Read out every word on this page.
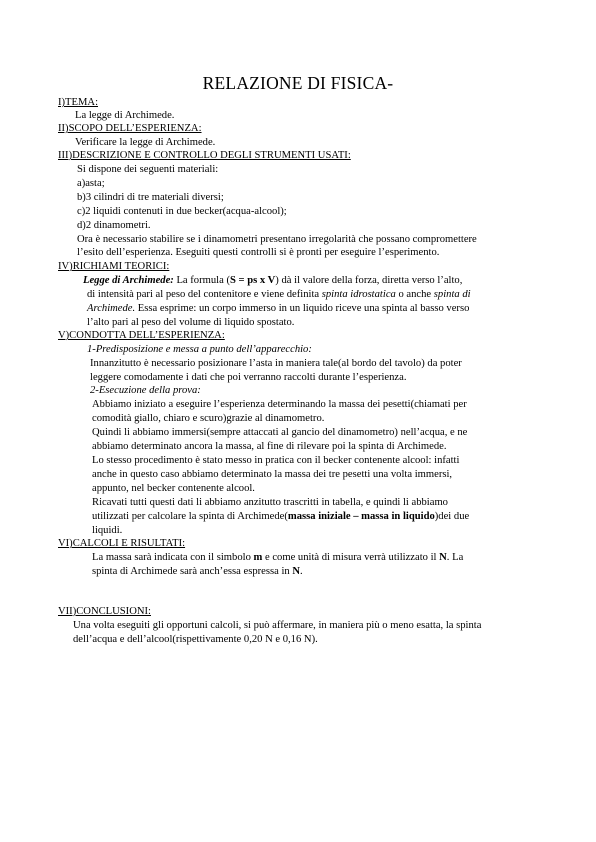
RELAZIONE DI FISICA-
I)TEMA:
La legge di Archimede.
II)SCOPO DELL’ESPERIENZA:
Verificare la legge di Archimede.
III)DESCRIZIONE E CONTROLLO DEGLI STRUMENTI USATI:
Si dispone dei seguenti materiali:
a)asta;
b)3 cilindri di tre materiali diversi;
c)2 liquidi contenuti in due becker(acqua-alcool);
d)2 dinamometri.
Ora è necessario stabilire se i dinamometri presentano irregolarità che possano compromettere
l’esito dell’esperienza. Eseguiti questi controlli si è pronti per eseguire l’esperimento.
IV)RICHIAMI TEORICI:
Legge di Archimede: La formula (S = ps x V) dà il valore della forza, diretta verso l’alto,
di intensità pari al peso del contenitore e viene definita spinta idrostatica o anche spinta di
Archimede. Essa esprime: un corpo immerso in un liquido riceve una spinta al basso verso
l’alto pari al peso del volume di liquido spostato.
V)CONDOTTA DELL’ESPERIENZA:
1-Predisposizione e messa a punto dell’apparecchio:
Innanzitutto è necessario posizionare l’asta in maniera tale(al bordo del tavolo) da poter
leggere comodamente i dati che poi verranno raccolti durante l’esperienza.
2-Esecuzione della prova:
Abbiamo iniziato a eseguire l’esperienza determinando la massa dei pesetti(chiamati per
comodità giallo, chiaro e scuro)grazie al dinamometro.
Quindi li abbiamo immersi(sempre attaccati al gancio del dinamometro) nell’acqua, e ne
abbiamo determinato ancora la massa, al fine di rilevare poi la spinta di Archimede.
Lo stesso procedimento è stato messo in pratica con il becker contenente alcool: infatti
anche in questo caso abbiamo determinato la massa dei tre pesetti una volta immersi,
appunto, nel becker contenente alcool.
Ricavati tutti questi dati li abbiamo anzitutto trascritti in tabella, e quindi li abbiamo
utilizzati per calcolare la spinta di Archimede(massa iniziale – massa in liquido)dei due
liquidi.
VI)CALCOLI E RISULTATI:
La massa sarà indicata con il simbolo m e come unità di misura verrà utilizzato il N. La
spinta di Archimede sarà anch’essa espressa in N.
VII)CONCLUSIONI:
Una volta eseguiti gli opportuni calcoli, si può affermare, in maniera più o meno esatta, la spinta
dell’acqua e dell’alcool(rispettivamente 0,20 N e 0,16 N).
